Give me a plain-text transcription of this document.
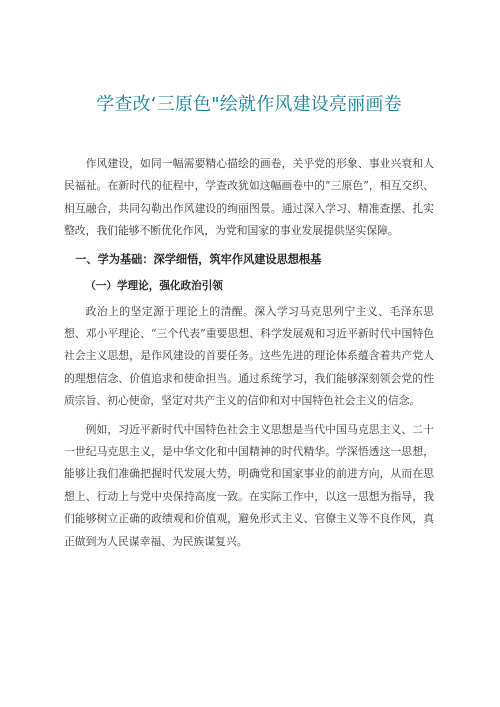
学查改‘三原色"绘就作风建设亮丽画卷

作风建设，如同一幅需要精心描绘的画卷，关乎党的形象、事业兴衰和人民福祉。在新时代的征程中，学查改犹如这幅画卷中的“三原色”，相互交织、相互融合，共同勾勒出作风建设的绚丽图景。通过深入学习、精准查摆、扎实整改，我们能够不断优化作风，为党和国家的事业发展提供坚实保障。

一、学为基础：深学细悟，筑牢作风建设思想根基
（一）学理论，强化政治引领

政治上的坚定源于理论上的清醒。深入学习马克思列宁主义、毛泽东思想、邓小平理论、“三个代表”重要思想、科学发展观和习近平新时代中国特色社会主义思想，是作风建设的首要任务。这些先进的理论体系蕴含着共产党人的理想信念、价值追求和使命担当。通过系统学习，我们能够深刻领会党的性质宗旨、初心使命，坚定对共产主义的信仰和对中国特色社会主义的信念。

例如，习近平新时代中国特色社会主义思想是当代中国马克思主义、二十一世纪马克思主义，是中华文化和中国精神的时代精华。学深悟透这一思想，能够让我们准确把握时代发展大势，明确党和国家事业的前进方向，从而在思想上、行动上与党中央保持高度一致。在实际工作中，以这一思想为指导，我们能够树立正确的政绩观和价值观，避免形式主义、官僚主义等不良作风，真正做到为人民谋幸福、为民族谋复兴。
